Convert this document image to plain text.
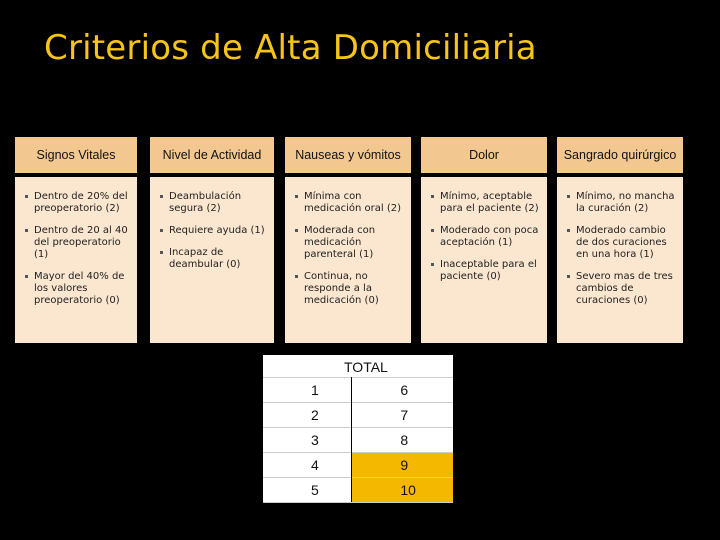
Criterios de Alta Domiciliaria
Signos Vitales
Dentro de 20% del preoperatorio (2)
Dentro de 20 al 40 del preoperatorio (1)
Mayor del 40% de los valores preoperatorio (0)
Nivel de Actividad
Deambulación segura (2)
Requiere ayuda (1)
Incapaz de deambular (0)
Nauseas y vómitos
Mínima con medicación oral (2)
Moderada con medicación parenteral (1)
Continua, no responde a la medicación (0)
Dolor
Mínimo, aceptable para el paciente (2)
Moderado con poca aceptación (1)
Inaceptable para el paciente (0)
Sangrado quirúrgico
Mínimo, no mancha la curación (2)
Moderado cambio de dos curaciones en una hora (1)
Severo mas de tres cambios de curaciones (0)
TOTAL
1	6
2	7
3	8
4	9
5	10
